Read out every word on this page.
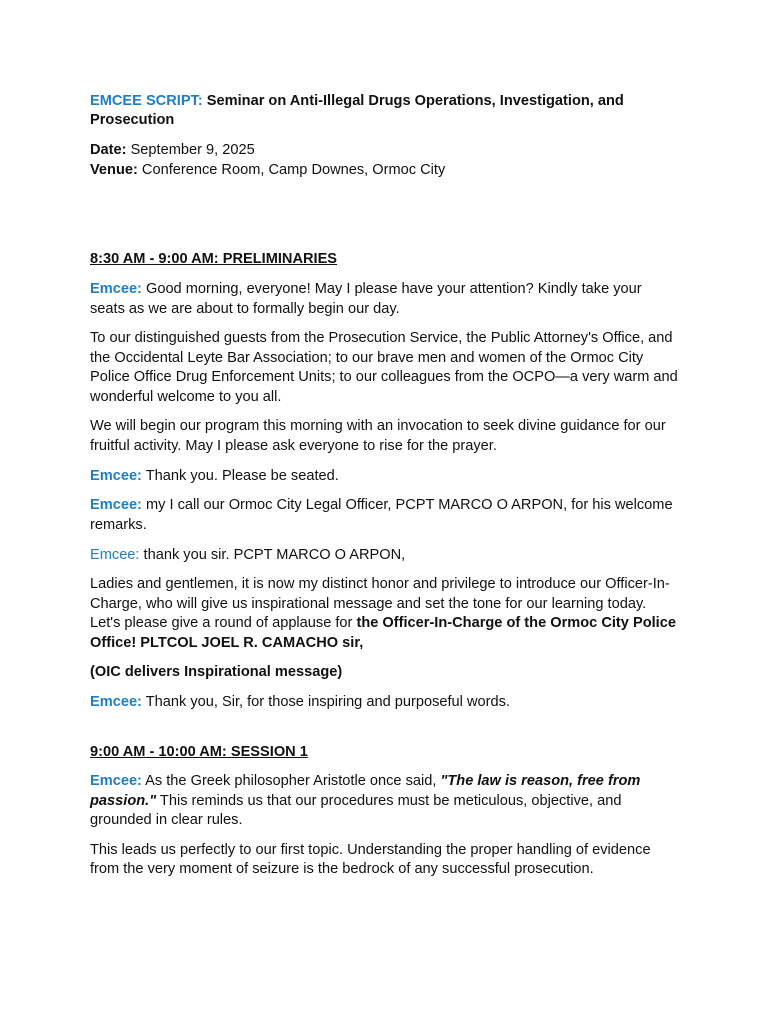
EMCEE SCRIPT: Seminar on Anti-Illegal Drugs Operations, Investigation, and Prosecution

Date: September 9, 2025
Venue: Conference Room, Camp Downes, Ormoc City

8:30 AM - 9:00 AM: PRELIMINARIES

Emcee: Good morning, everyone! May I please have your attention? Kindly take your seats as we are about to formally begin our day.

To our distinguished guests from the Prosecution Service, the Public Attorney's Office, and the Occidental Leyte Bar Association; to our brave men and women of the Ormoc City Police Office Drug Enforcement Units; to our colleagues from the OCPO—a very warm and wonderful welcome to you all.

We will begin our program this morning with an invocation to seek divine guidance for our fruitful activity. May I please ask everyone to rise for the prayer.

Emcee: Thank you. Please be seated.

Emcee: my I call our Ormoc City Legal Officer, PCPT MARCO O ARPON, for his welcome remarks.

Emcee: thank you sir. PCPT MARCO O ARPON,

Ladies and gentlemen, it is now my distinct honor and privilege to introduce our Officer-In-Charge, who will give us inspirational message and set the tone for our learning today. Let's please give a round of applause for the Officer-In-Charge of the Ormoc City Police Office! PLTCOL JOEL R. CAMACHO sir,

(OIC delivers Inspirational message)

Emcee: Thank you, Sir, for those inspiring and purposeful words.

9:00 AM - 10:00 AM: SESSION 1

Emcee: As the Greek philosopher Aristotle once said, "The law is reason, free from passion." This reminds us that our procedures must be meticulous, objective, and grounded in clear rules.

This leads us perfectly to our first topic. Understanding the proper handling of evidence from the very moment of seizure is the bedrock of any successful prosecution.
